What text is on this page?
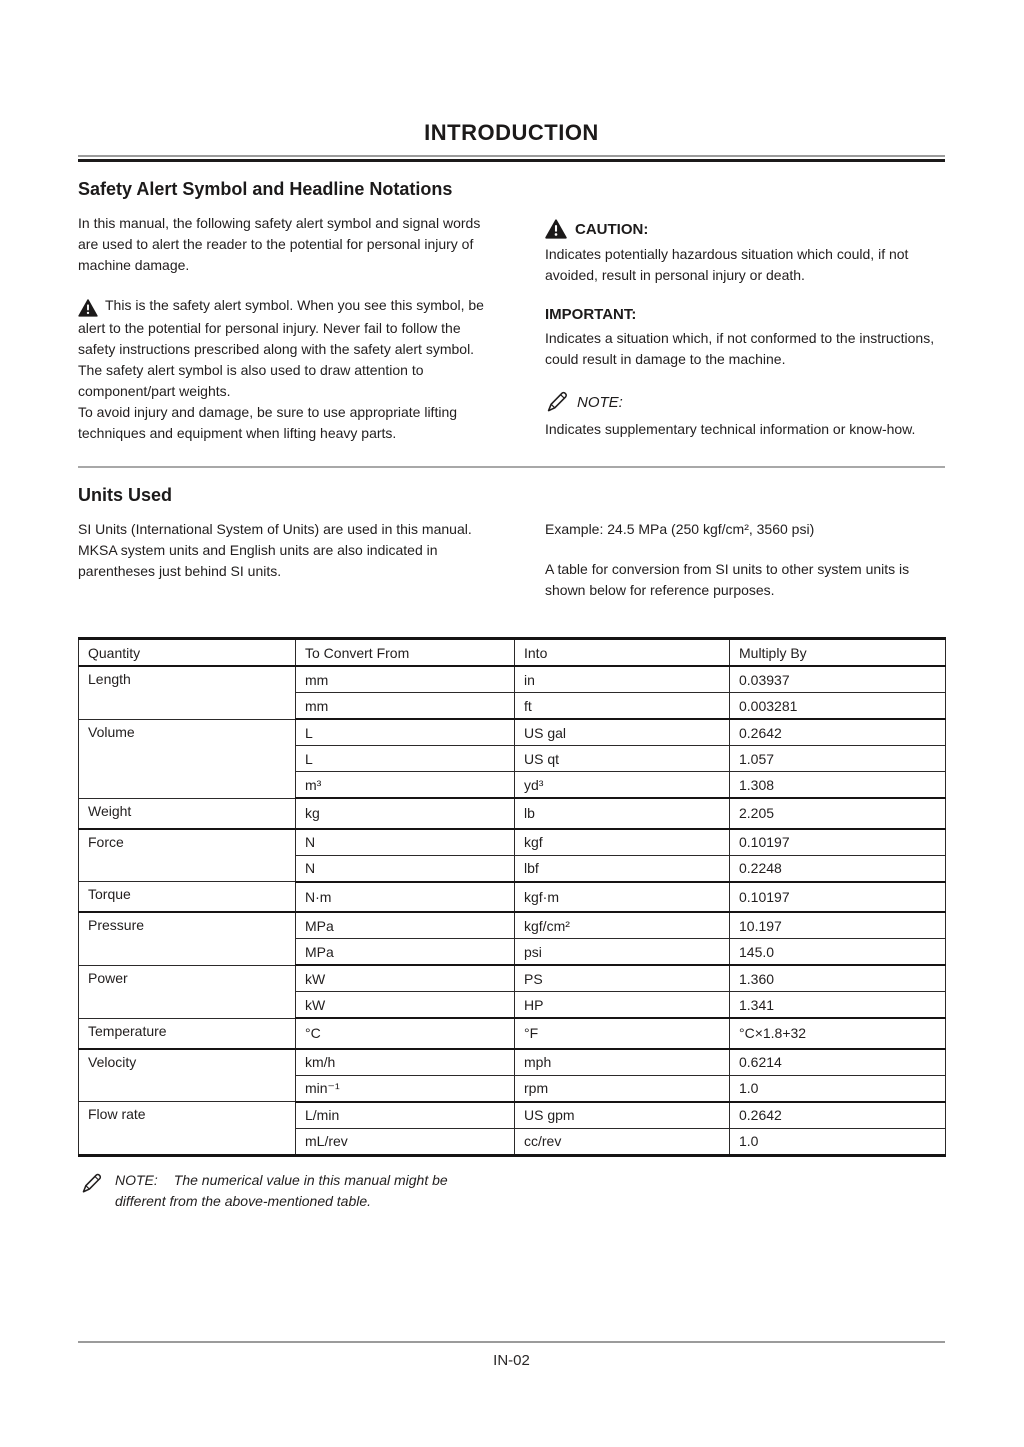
INTRODUCTION
Safety Alert Symbol and Headline Notations

In this manual, the following safety alert symbol and signal words are used to alert the reader to the potential for personal injury of machine damage.

This is the safety alert symbol. When you see this symbol, be alert to the potential for personal injury. Never fail to follow the safety instructions prescribed along with the safety alert symbol.

The safety alert symbol is also used to draw attention to component/part weights.

To avoid injury and damage, be sure to use appropriate lifting techniques and equipment when lifting heavy parts.

CAUTION:

Indicates potentially hazardous situation which could, if not avoided, result in personal injury or death.

IMPORTANT:

Indicates a situation which, if not conformed to the instructions, could result in damage to the machine.

NOTE:

Indicates supplementary technical information or know-how.

Units Used

SI Units (International System of Units) are used in this manual. MKSA system units and English units are also indicated in parentheses just behind SI units.

Example: 24.5 MPa (250 kgf/cm², 3560 psi)

A table for conversion from SI units to other system units is shown below for reference purposes.

Quantity	To Convert From	Into	Multiply By
Length	mm	in	0.03937
	mm	ft	0.003281
Volume	L	US gal	0.2642
	L	US qt	1.057
	m³	yd³	1.308
Weight	kg	lb	2.205
Force	N	kgf	0.10197
	N	lbf	0.2248
Torque	N·m	kgf·m	0.10197
Pressure	MPa	kgf/cm²	10.197
	MPa	psi	145.0
Power	kW	PS	1.360
	kW	HP	1.341
Temperature	°C	°F	°C×1.8+32
Velocity	km/h	mph	0.6214
	min⁻¹	rpm	1.0
Flow rate	L/min	US gpm	0.2642
	mL/rev	cc/rev	1.0
NOTE: The numerical value in this manual might be different from the above-mentioned table.
IN-02
